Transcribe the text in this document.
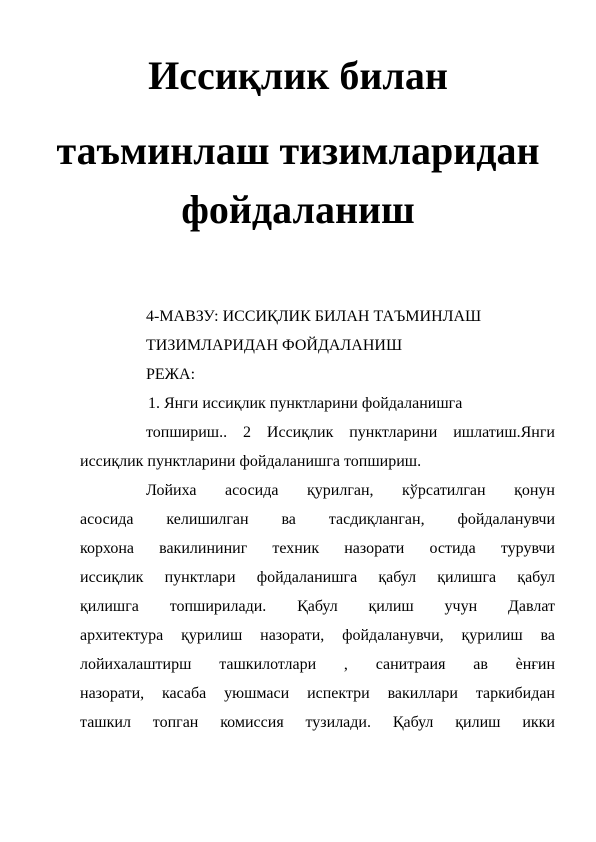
Иссиқлик билан
таъминлаш тизимларидан
фойдаланиш
4-МАВЗУ: ИССИҚЛИК БИЛАН ТАЪМИНЛАШ
ТИЗИМЛАРИДАН ФОЙДАЛАНИШ
РЕЖА:
1. Янги иссиқлик пунктларини фойдаланишга
топшириш.. 2 Иссиқлик пунктларини ишлатиш.Янги
иссиқлик пунктларини фойдаланишга топшириш.
Лойиха асосида қурилган, кўрсатилган қонун
асосида келишилган ва тасдиқланган, фойдаланувчи
корхона вакилининиг техник назорати остида турувчи
иссиқлик пунктлари фойдаланишга қабул қилишга қабул
қилишга топширилади. Қабул қилиш учун Давлат
архитектура қурилиш назорати, фойдаланувчи, қурилиш ва
лойихалаштирш ташкилотлари , санитраия ав ѐнғин
назорати, касаба уюшмаси испектри вакиллари таркибидан
ташкил топган комиссия тузилади. Қабул қилиш икки
